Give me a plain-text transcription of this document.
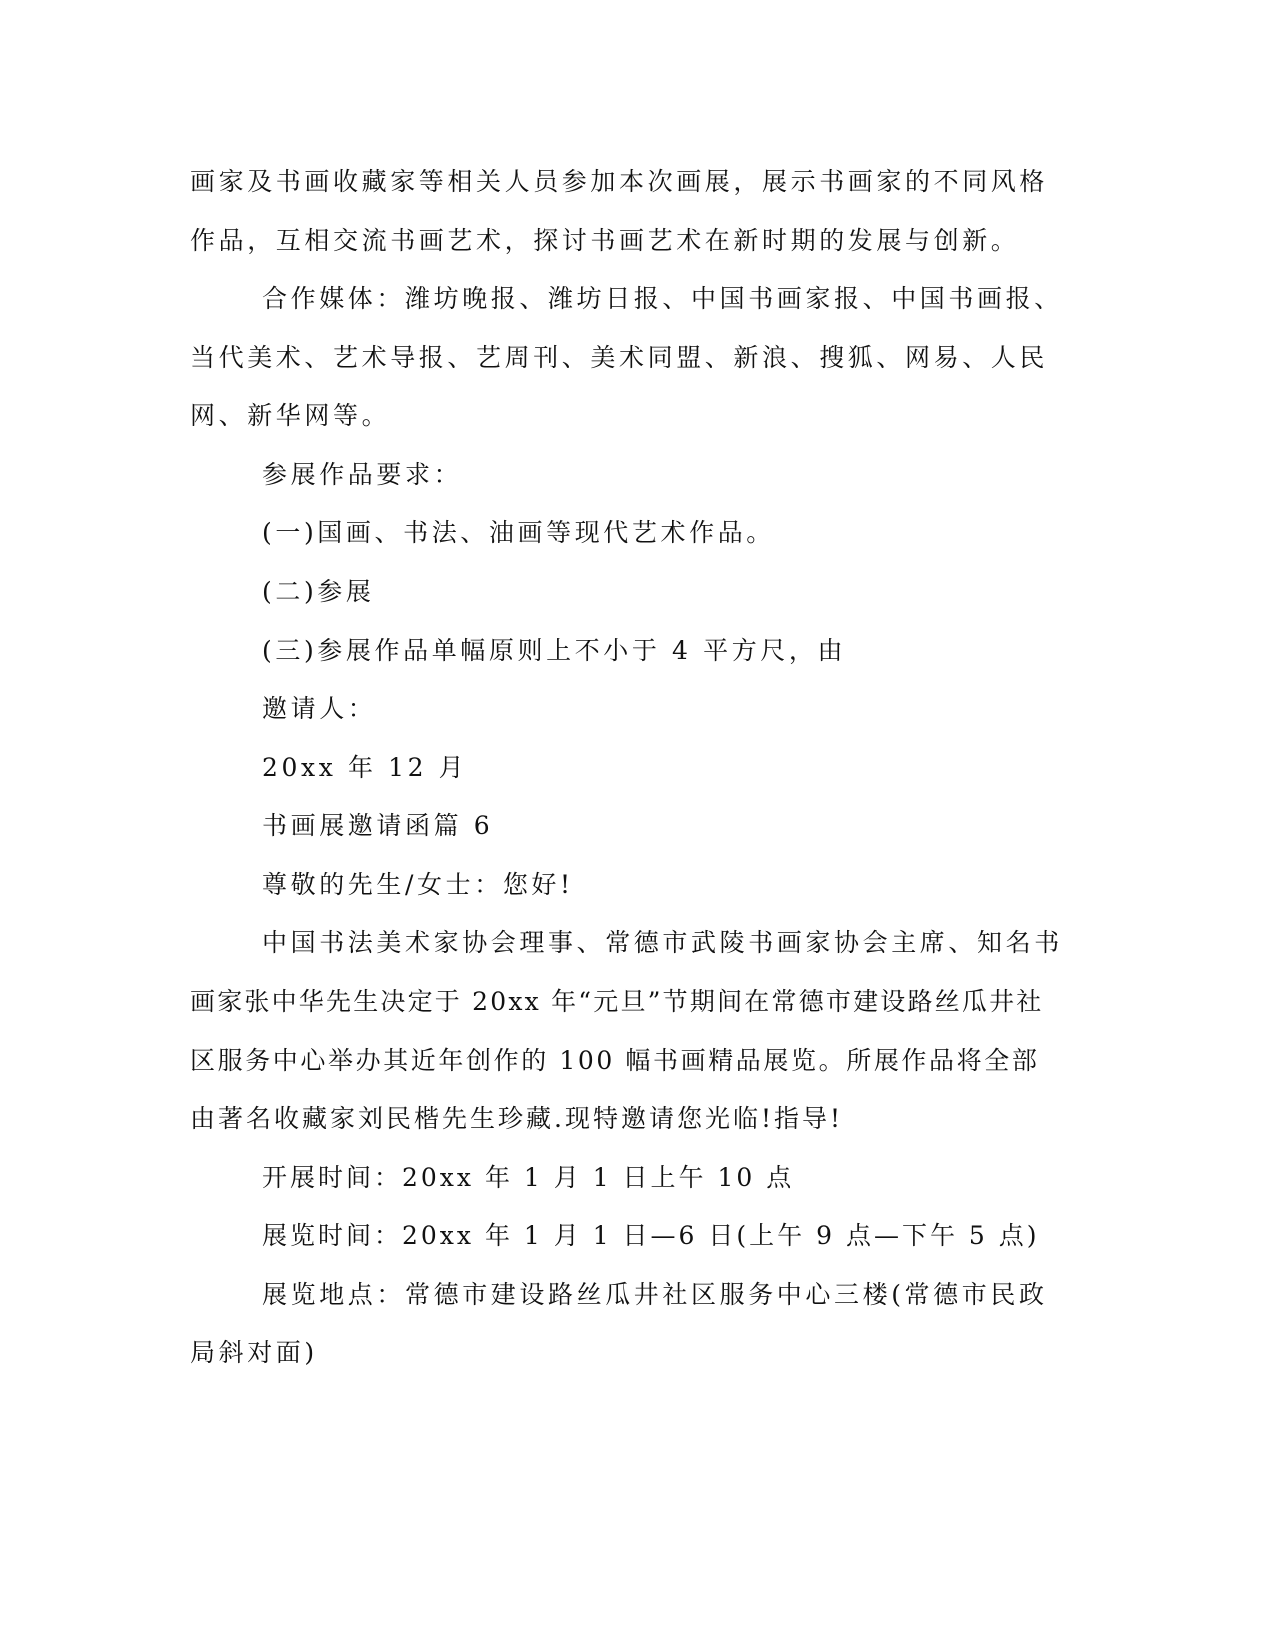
画家及书画收藏家等相关人员参加本次画展，展示书画家的不同风格
作品，互相交流书画艺术，探讨书画艺术在新时期的发展与创新。
合作媒体：潍坊晚报、潍坊日报、中国书画家报、中国书画报、
当代美术、艺术导报、艺周刊、美术同盟、新浪、搜狐、网易、人民
网、新华网等。
参展作品要求：
(一)国画、书法、油画等现代艺术作品。
(二)参展
(三)参展作品单幅原则上不小于 4 平方尺，由
邀请人：
20xx 年 12 月
书画展邀请函篇 6
尊敬的先生/女士：您好!
中国书法美术家协会理事、常德市武陵书画家协会主席、知名书
画家张中华先生决定于 20xx 年“元旦”节期间在常德市建设路丝瓜井社
区服务中心举办其近年创作的 100 幅书画精品展览。所展作品将全部
由著名收藏家刘民楷先生珍藏.现特邀请您光临!指导!
开展时间：20xx 年 1 月 1 日上午 10 点
展览时间：20xx 年 1 月 1 日—6 日(上午 9 点—下午 5 点)
展览地点：常德市建设路丝瓜井社区服务中心三楼(常德市民政
局斜对面)
